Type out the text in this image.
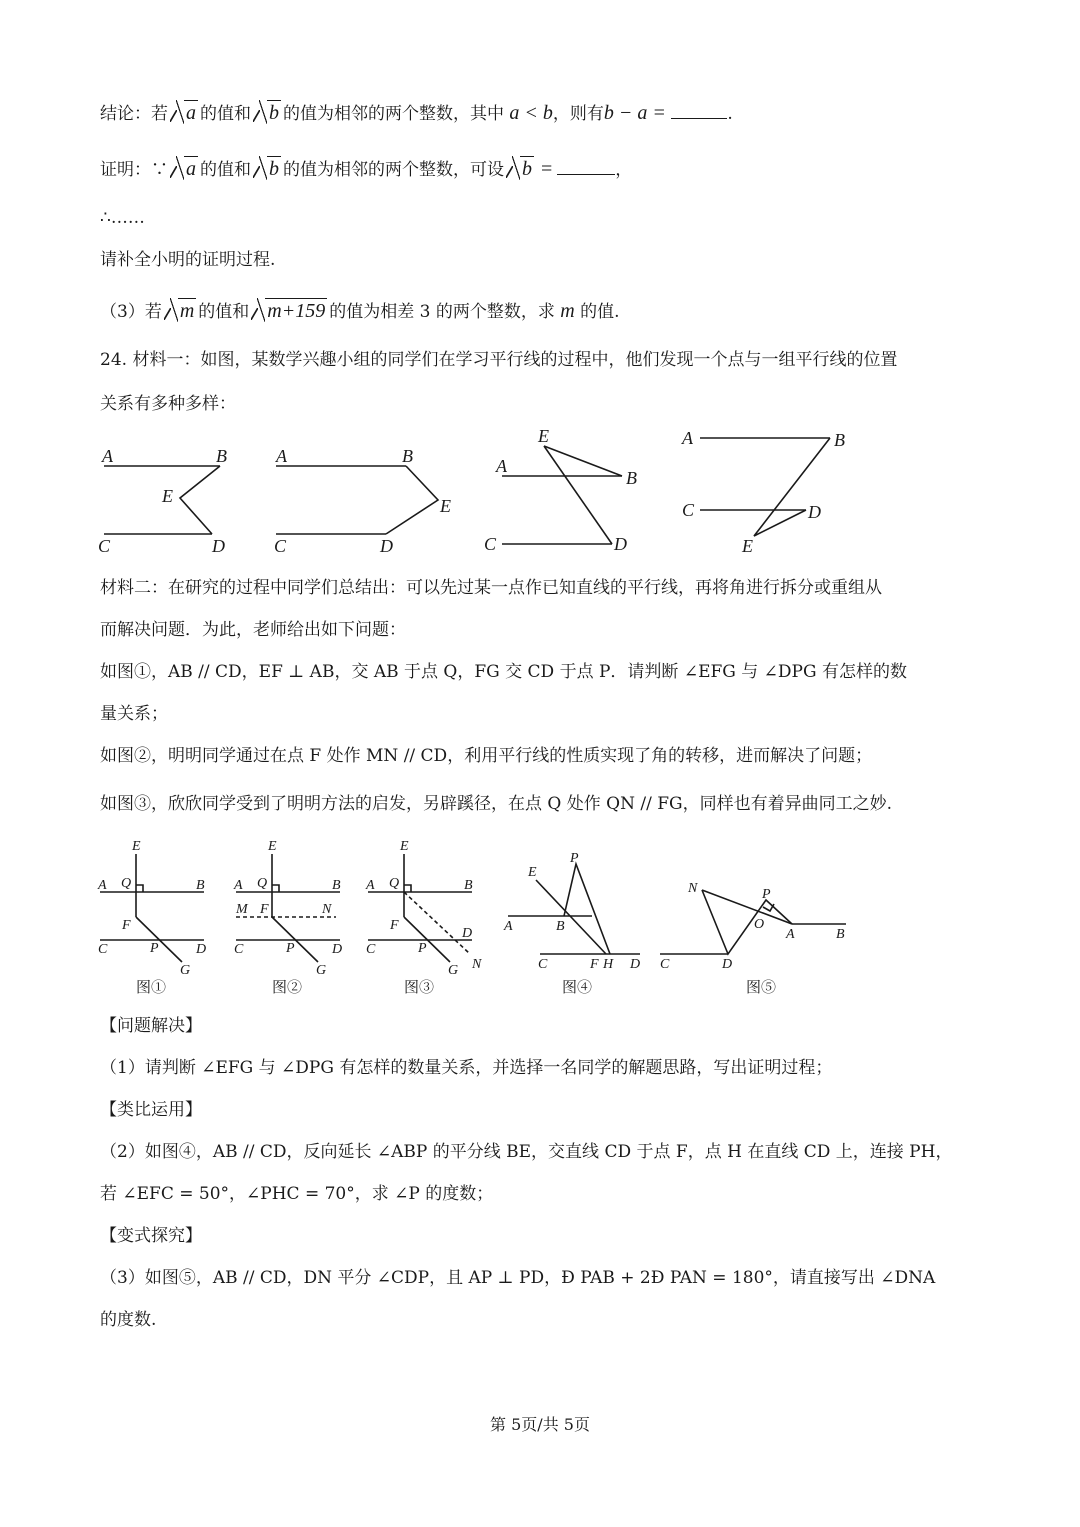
结论：若 a 的值和 b 的值为相邻的两个整数，其中 a < b，则有b − a =	.
证明：∵ a 的值和 b 的值为相邻的两个整数，可设 b =	，
∴……
请补全小明的证明过程.
（3）若 m 的值和 m+159 的值为相差 3 的两个整数，求 m 的值.
24. 材料一：如图，某数学兴趣小组的同学们在学习平行线的过程中，他们发现一个点与一组平行线的位置
关系有多种多样：
材料二：在研究的过程中同学们总结出：可以先过某一点作已知直线的平行线，再将角进行拆分或重组从
而解决问题．为此，老师给出如下问题：
如图①，AB // CD，EF ⊥ AB，交 AB 于点 Q，FG 交 CD 于点 P．请判断 ∠EFG 与 ∠DPG 有怎样的数
量关系；
如图②，明明同学通过在点 F 处作 MN // CD，利用平行线的性质实现了角的转移，进而解决了问题；
如图③，欣欣同学受到了明明方法的启发，另辟蹊径，在点 Q 处作 QN // FG，同样也有着异曲同工之妙.
【问题解决】
（1）请判断 ∠EFG 与 ∠DPG 有怎样的数量关系，并选择一名同学的解题思路，写出证明过程；
【类比运用】
（2）如图④，AB // CD，反向延长 ∠ABP 的平分线 BE，交直线 CD 于点 F，点 H 在直线 CD 上，连接 PH，
若 ∠EFC = 50°，∠PHC = 70°，求 ∠P 的度数；
【变式探究】
（3）如图⑤，AB // CD，DN 平分 ∠CDP，且 AP ⊥ PD，Đ PAB + 2Đ PAN = 180°，请直接写出 ∠DNA
的度数.
A	B
E
C	D
A	B
E
C	D
E
A
B
C	D
A	B
C	D
E
E
A Q	B
F
C	P	D
G
E
A Q	B
M F	N
C	P	D
G
E
A Q	B
F
C	P
D
G N
E
P
A	B
C	F H D
N	P
O
A	B
C	D
图①	图②	图③	图④	图⑤
第 5页/共 5页
